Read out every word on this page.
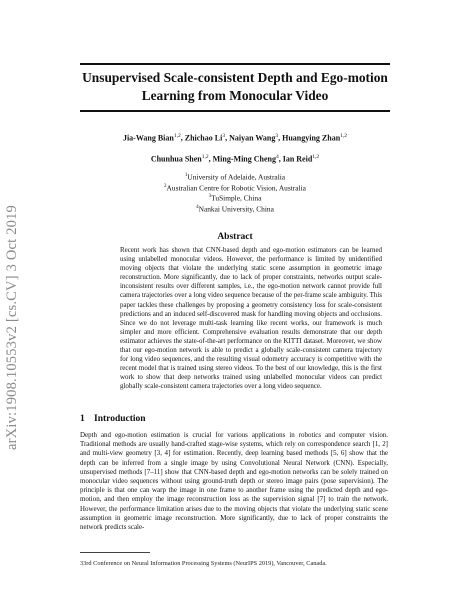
arXiv:1908.10553v2 [cs.CV] 3 Oct 2019
Unsupervised Scale-consistent Depth and Ego-motion
Learning from Monocular Video
Jia-Wang Bian$^{1,2}$, Zhichao Li$^3$, Naiyan Wang$^3$, Huangying Zhan$^{1,2}$
Chunhua Shen$^{1,2}$, Ming-Ming Cheng$^4$, Ian Reid$^{1,2}$
$^1$University of Adelaide, Australia
$^2$Australian Centre for Robotic Vision, Australia
$^3$TuSimple, China
$^4$Nankai University, China
Abstract

Recent work has shown that CNN-based depth and ego-motion estimators can be learned using unlabelled monocular videos. However, the performance is limited by unidentified moving objects that violate the underlying static scene assumption in geometric image reconstruction. More significantly, due to lack of proper constraints, networks output scale-inconsistent results over different samples, i.e., the ego-motion network cannot provide full camera trajectories over a long video sequence because of the per-frame scale ambiguity. This paper tackles these challenges by proposing a geometry consistency loss for scale-consistent predictions and an induced self-discovered mask for handling moving objects and occlusions. Since we do not leverage multi-task learning like recent works, our framework is much simpler and more efficient. Comprehensive evaluation results demonstrate that our depth estimator achieves the state-of-the-art performance on the KITTI dataset. Moreover, we show that our ego-motion network is able to predict a globally scale-consistent camera trajectory for long video sequences, and the resulting visual odometry accuracy is competitive with the recent model that is trained using stereo videos. To the best of our knowledge, this is the first work to show that deep networks trained using unlabelled monocular videos can predict globally scale-consistent camera trajectories over a long video sequence.

1 Introduction

Depth and ego-motion estimation is crucial for various applications in robotics and computer vision. Traditional methods are usually hand-crafted stage-wise systems, which rely on correspondence search [1, 2] and multi-view geometry [3, 4] for estimation. Recently, deep learning based methods [5, 6] show that the depth can be inferred from a single image by using Convolutional Neural Network (CNN). Especially, unsupervised methods [7–11] show that CNN-based depth and ego-motion networks can be solely trained on monocular video sequences without using ground-truth depth or stereo image pairs (pose supervision). The principle is that one can warp the image in one frame to another frame using the predicted depth and ego-motion, and then employ the image reconstruction loss as the supervision signal [7] to train the network. However, the performance limitation arises due to the moving objects that violate the underlying static scene assumption in geometric image reconstruction. More significantly, due to lack of proper constraints the network predicts scale-

33rd Conference on Neural Information Processing Systems (NeurIPS 2019), Vancouver, Canada.
